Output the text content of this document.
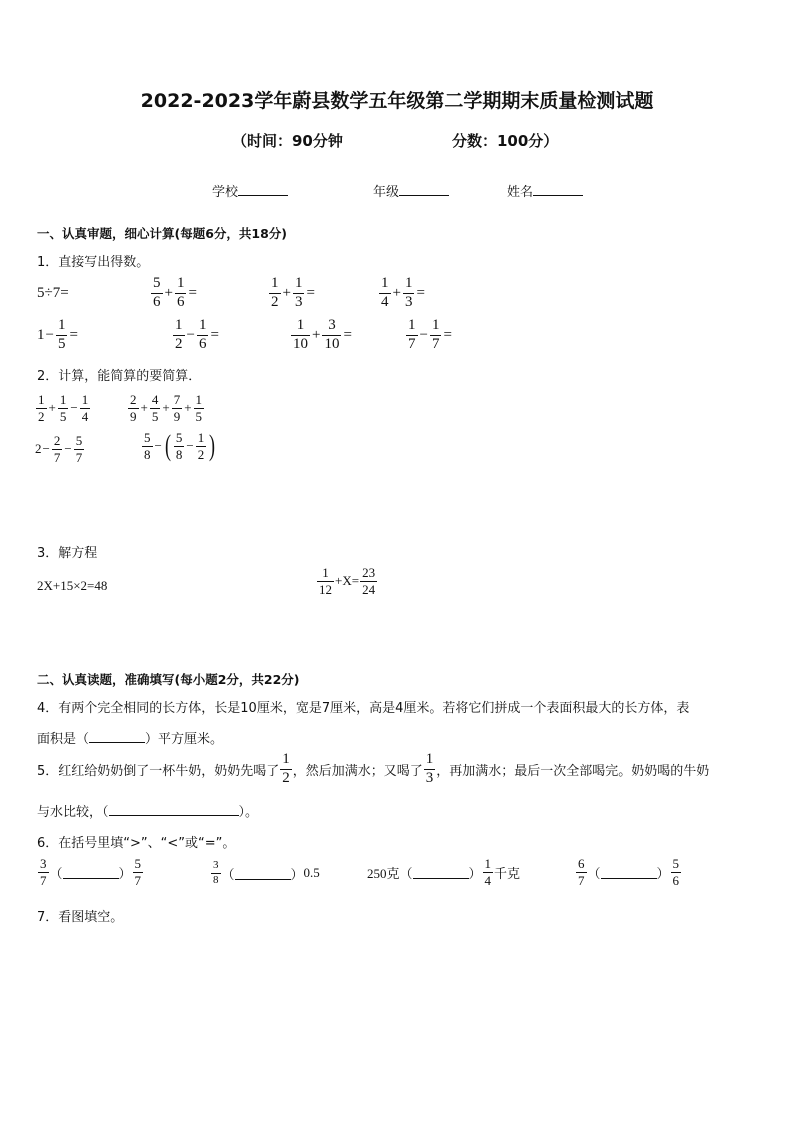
2022-2023学年蔚县数学五年级第二学期期末质量检测试题
（时间：90分钟	分数：100分）
学校	年级	姓名
一、认真审题，细心计算(每题6分，共18分)
1．直接写出得数。
5÷7=	$\frac{5}{6} + \frac{1}{6}$ =	$\frac{1}{2} + \frac{1}{3}$ =	$\frac{1}{4} + \frac{1}{3}$ =
$1 - \frac{1}{5}$ =	$\frac{1}{2} - \frac{1}{6}$ =	$\frac{1}{10} + \frac{3}{10}$ =	$\frac{1}{7} - \frac{1}{7}$ =
2．计算，能简算的要简算．
$\frac{1}{2} + \frac{1}{5} - \frac{1}{4}$	$\frac{2}{9} + \frac{4}{5} + \frac{7}{9} + \frac{1}{5}$
$2 - \frac{2}{7} - \frac{5}{7}$	$\frac{5}{8}$ − ( $\frac{5}{8} - \frac{1}{2}$ )
3．解方程
2X+15×2=48	$\frac{1}{12} +X= \frac{23}{24}$
二、认真读题，准确填写(每小题2分，共22分)
4．有两个完全相同的长方体，长是10厘米，宽是7厘米，高是4厘米。若将它们拼成一个表面积最大的长方体，表
面积是（	）平方厘米。
5．红红给奶奶倒了一杯牛奶，奶奶先喝了 $\frac{1}{2}$ ，然后加满水；又喝了 $\frac{1}{3}$ ，再加满水；最后一次全部喝完。奶奶喝的牛奶
与水比较，（	）。
6．在括号里填“>”、“<”或“=”。
$\frac{3}{7}$ （	） $\frac{5}{7}$	$\frac{3}{8}$ （	） 0.5	250克 （	） $\frac{1}{4}$ 千克	$\frac{6}{7}$ （	） $\frac{5}{6}$
7．看图填空。
